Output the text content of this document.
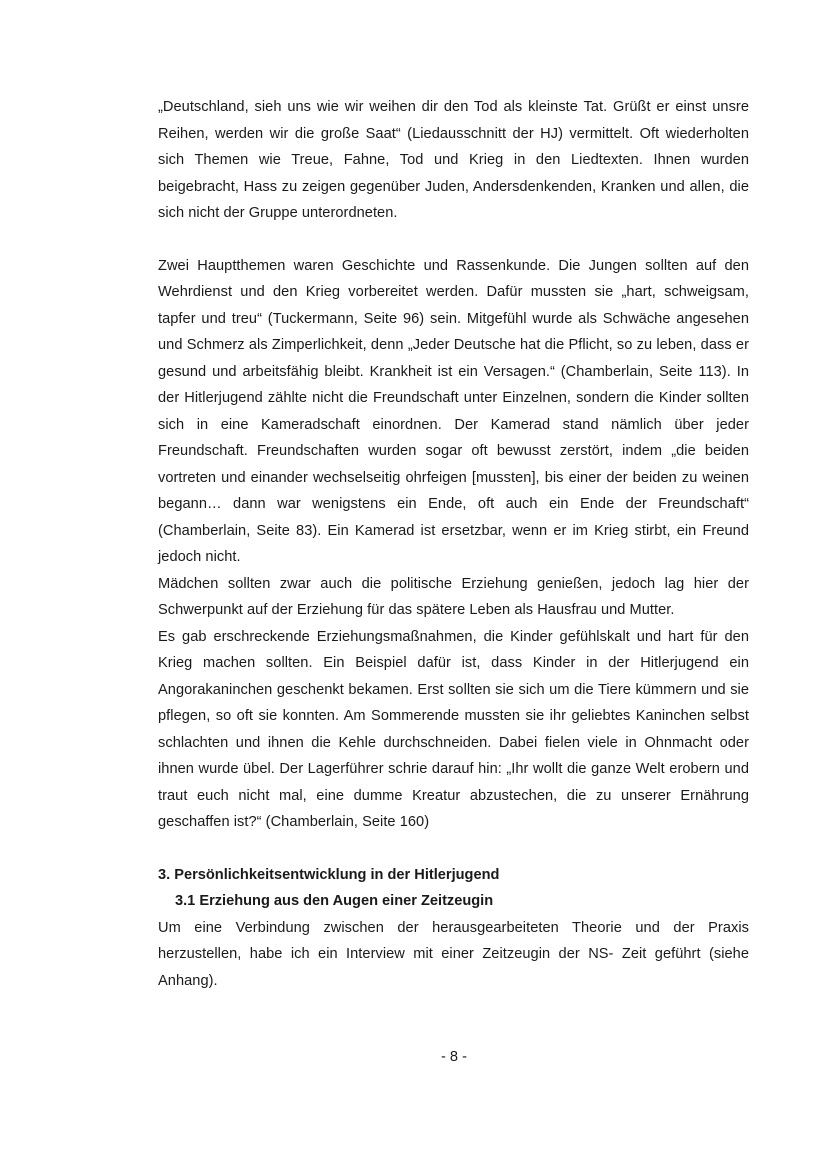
„Deutschland, sieh uns wie wir weihen dir den Tod als kleinste Tat. Grüßt er einst unsre Reihen, werden wir die große Saat“ (Liedausschnitt der HJ) vermittelt. Oft wiederholten sich Themen wie Treue, Fahne, Tod und Krieg in den Liedtexten. Ihnen wurden beigebracht, Hass zu zeigen gegenüber Juden, Andersdenkenden, Kranken und allen, die sich nicht der Gruppe unterordneten.

Zwei Hauptthemen waren Geschichte und Rassenkunde. Die Jungen sollten auf den Wehrdienst und den Krieg vorbereitet werden. Dafür mussten sie „hart, schweigsam, tapfer und treu“ (Tuckermann, Seite 96) sein. Mitgefühl wurde als Schwäche angesehen und Schmerz als Zimperlichkeit, denn „Jeder Deutsche hat die Pflicht, so zu leben, dass er gesund und arbeitsfähig bleibt. Krankheit ist ein Versagen.“ (Chamberlain, Seite 113). In der Hitlerjugend zählte nicht die Freundschaft unter Einzelnen, sondern die Kinder sollten sich in eine Kameradschaft einordnen. Der Kamerad stand nämlich über jeder Freundschaft. Freundschaften wurden sogar oft bewusst zerstört, indem „die beiden vortreten und einander wechselseitig ohrfeigen [mussten], bis einer der beiden zu weinen begann… dann war wenigstens ein Ende, oft auch ein Ende der Freundschaft“ (Chamberlain, Seite 83). Ein Kamerad ist ersetzbar, wenn er im Krieg stirbt, ein Freund jedoch nicht.

Mädchen sollten zwar auch die politische Erziehung genießen, jedoch lag hier der Schwerpunkt auf der Erziehung für das spätere Leben als Hausfrau und Mutter.

Es gab erschreckende Erziehungsmaßnahmen, die Kinder gefühlskalt und hart für den Krieg machen sollten. Ein Beispiel dafür ist, dass Kinder in der Hitlerjugend ein Angorakaninchen geschenkt bekamen. Erst sollten sie sich um die Tiere kümmern und sie pflegen, so oft sie konnten. Am Sommerende mussten sie ihr geliebtes Kaninchen selbst schlachten und ihnen die Kehle durchschneiden. Dabei fielen viele in Ohnmacht oder ihnen wurde übel. Der Lagerführer schrie darauf hin: „Ihr wollt die ganze Welt erobern und traut euch nicht mal, eine dumme Kreatur abzustechen, die zu unserer Ernährung geschaffen ist?“ (Chamberlain, Seite 160)

3. Persönlichkeitsentwicklung in der Hitlerjugend
3.1 Erziehung aus den Augen einer Zeitzeugin

Um eine Verbindung zwischen der herausgearbeiteten Theorie und der Praxis herzustellen, habe ich ein Interview mit einer Zeitzeugin der NS- Zeit geführt (siehe Anhang).

- 8 -
